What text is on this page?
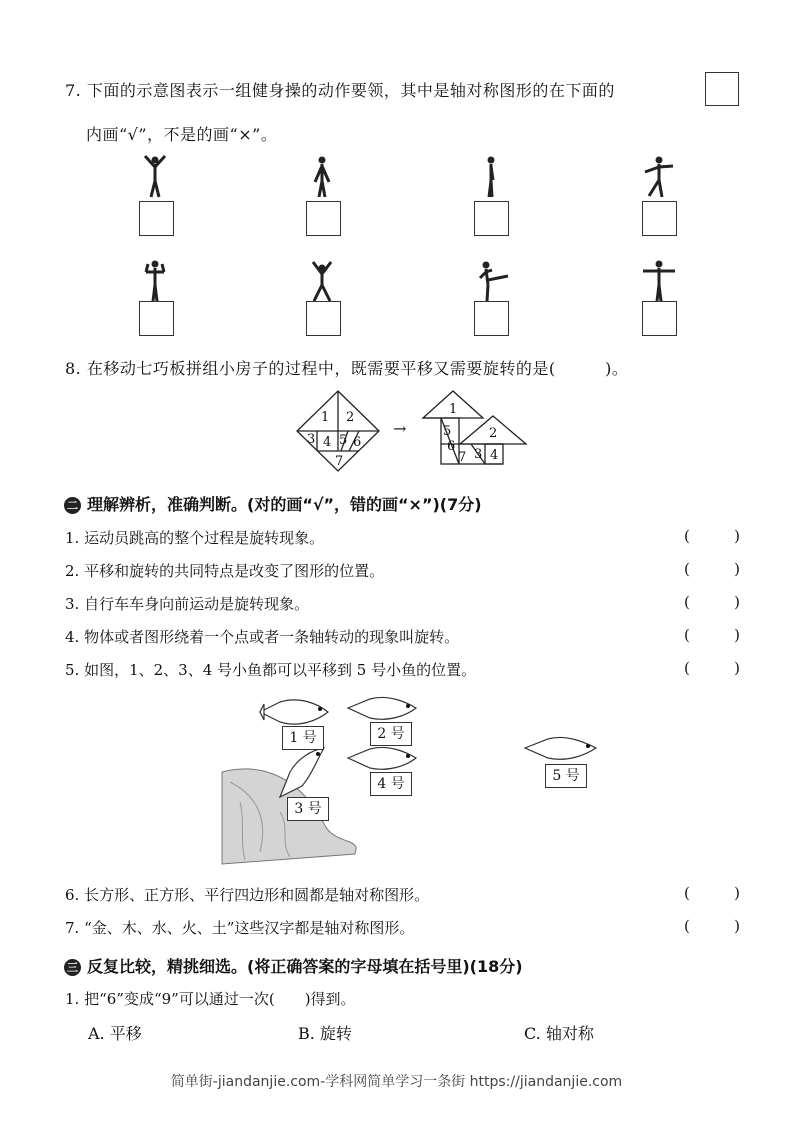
7. 下面的示意图表示一组健身操的动作要领，其中是轴对称图形的在下面的
内画“√”，不是的画“×”。
8. 在移动七巧板拼组小房子的过程中，既需要平移又需要旋转的是(　　　)。
1 2
3 4 5 6
7
1
5
6
2
7 3 4
→
二 理解辨析，准确判断。(对的画“√”，错的画“×”)(7分)
1. 运动员跳高的整个过程是旋转现象。	(	)
2. 平移和旋转的共同特点是改变了图形的位置。	(	)
3. 自行车车身向前运动是旋转现象。	(	)
4. 物体或者图形绕着一个点或者一条轴转动的现象叫旋转。	(	)
5. 如图，1、2、3、4 号小鱼都可以平移到 5 号小鱼的位置。	(	)
1 号	2 号
3 号
4 号	5 号
6. 长方形、正方形、平行四边形和圆都是轴对称图形。	(	)
7. “金、木、水、火、土”这些汉字都是轴对称图形。	(	)
三 反复比较，精挑细选。(将正确答案的字母填在括号里)(18分)
1. 把“6”变成“9”可以通过一次(　　)得到。
A. 平移	B. 旋转	C. 轴对称
简单街-jiandanjie.com-学科网简单学习一条街 https://jiandanjie.com
